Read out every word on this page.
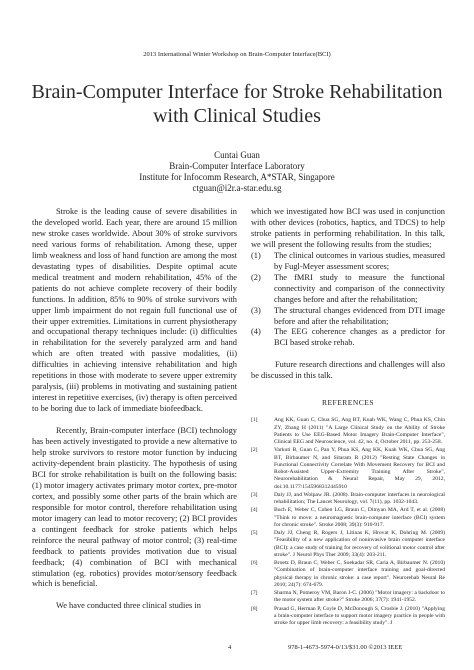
2013 International Winter Workshop on Brain-Computer Interface(BCI)
Brain-Computer Interface for Stroke Rehabilitation with Clinical Studies
Cuntai Guan
Brain-Computer Interface Laboratory
Institute for Infocomm Research, A*STAR, Singapore
ctguan@i2r.a-star.edu.sg

Stroke is the leading cause of severe disabilities in the developed world. Each year, there are around 15 million new stroke cases worldwide. About 30% of stroke survivors need various forms of rehabilitation. Among these, upper limb weakness and loss of hand function are among the most devastating types of disabilities. Despite optimal acute medical treatment and modern rehabilitation, 45% of the patients do not achieve complete recovery of their bodily functions. In addition, 85% to 90% of stroke survivors with upper limb impairment do not regain full functional use of their upper extremities. Limitations in current physiotherapy and occupational therapy techniques include: (i) difficulties in rehabilitation for the severely paralyzed arm and hand which are often treated with passive modalities, (ii) difficulties in achieving intensive rehabilitation and high repetitions in those with moderate to severe upper extremity paralysis, (iii) problems in motivating and sustaining patient interest in repetitive exercises, (iv) therapy is often perceived to be boring due to lack of immediate biofeedback.

Recently, Brain-computer interface (BCI) technology has been actively investigated to provide a new alternative to help stroke survivors to restore motor function by inducing activity-dependent brain plasticity. The hypothesis of using BCI for stroke rehabilitation is built on the following basis: (1) motor imagery activates primary motor cortex, pre-motor cortex, and possibly some other parts of the brain which are responsible for motor control, therefore rehabilitation using motor imagery can lead to motor recovery; (2) BCI provides a contingent feedback for stroke patients which helps reinforce the neural pathway of motor control; (3) real-time feedback to patients provides motivation due to visual feedback; (4) combination of BCI with mechanical stimulation (eg. robotics) provides motor/sensory feedback which is beneficial.

We have conducted three clinical studies in

which we investigated how BCI was used in conjunction with other devices (robotics, haptics, and TDCS) to help stroke patients in performing rehabilitation. In this talk, we will present the following results from the studies;

(1) The clinical outcomes in various studies, measured by Fugl-Meyer assessment scores;
(2) The fMRI study to measure the functional connectivity and comparison of the connectivity changes before and after the rehabilitation;
(3) The structural changes evidenced from DTI image before and after the rehabilitation;
(4) The EEG coherence changes as a predictor for BCI based stroke rehab.

Future research directions and challenges will also be discussed in this talk.

REFERENCES
[1]	Ang KK, Guan C, Chua SG, Ang BT, Kuah WK, Wang C, Phua KS, Chin ZY, Zhang H (2011) "A Large Clinical Study on the Ability of Stroke Patients to Use EEG-Based Motor Imagery Brain-Computer Interface", Clinical EEG and Neuroscience, vol. 42, no. 4, October 2011, pp. 253-258.
[2]	Varkuti B, Guan C, Pan Y, Phua KS, Ang KK, Kuah WK, Chua SG, Ang BT, Birbaumer N, and Sitaram R (2012) "Resting State Changes in Functional Connectivity Correlate With Movement Recovery for BCI and Robot-Assisted Upper-Extremity Training After Stroke", Neurorehabilitation & Neural Repair, May 29, 2012, doi:10.1177/1545968312445910
[3]	Daly JJ, and Wolpaw JR. (2008). Brain-computer interfaces in neurological rehabilitation; The Lancet Neurology, vol. 7(11), pp. 1032-1043.
[4]	Buch E, Weber C, Cohen LG, Braun C, Dimyan MA, Ard T, et al. (2008) "Think to move: a neuromagnetic brain-computer interface (BCI) system for chronic stroke". Stroke 2008; 39(3): 910-917.
[5]	Daly JJ, Cheng R, Rogers J, Litinas K, Hrovat K, Dohring M. (2009) "Feasibility of a new application of noninvasive brain computer interface (BCI): a case study of training for recovery of volitional motor control after stroke". J Neurol Phys Ther 2009; 33(4): 203-211.
[6]	Broetz D, Braun C, Weber C, Soekadar SR, Caria A, Birbaumer N. (2010) "Combination of brain-computer interface training and goal-directed physical therapy in chronic stroke: a case report". Neurorehab Neural Re 2010; 24(7): 674-679.
[7]	Sharma N, Pomeroy VM, Baron J-C. (2006) "Motor imagery: a backdoor to the motor system after stroke?" Stroke 2006; 37(7): 1941-1952.
[8]	Prasad G, Herman P, Coyle D, McDonough S, Crosbie J. (2010) "Applying a brain-computer interface to support motor imagery practice in people with stroke for upper limb recovery: a feasibility study". J
4	978-1-4673-5974-0/13/$31.00 ©2013 IEEE
